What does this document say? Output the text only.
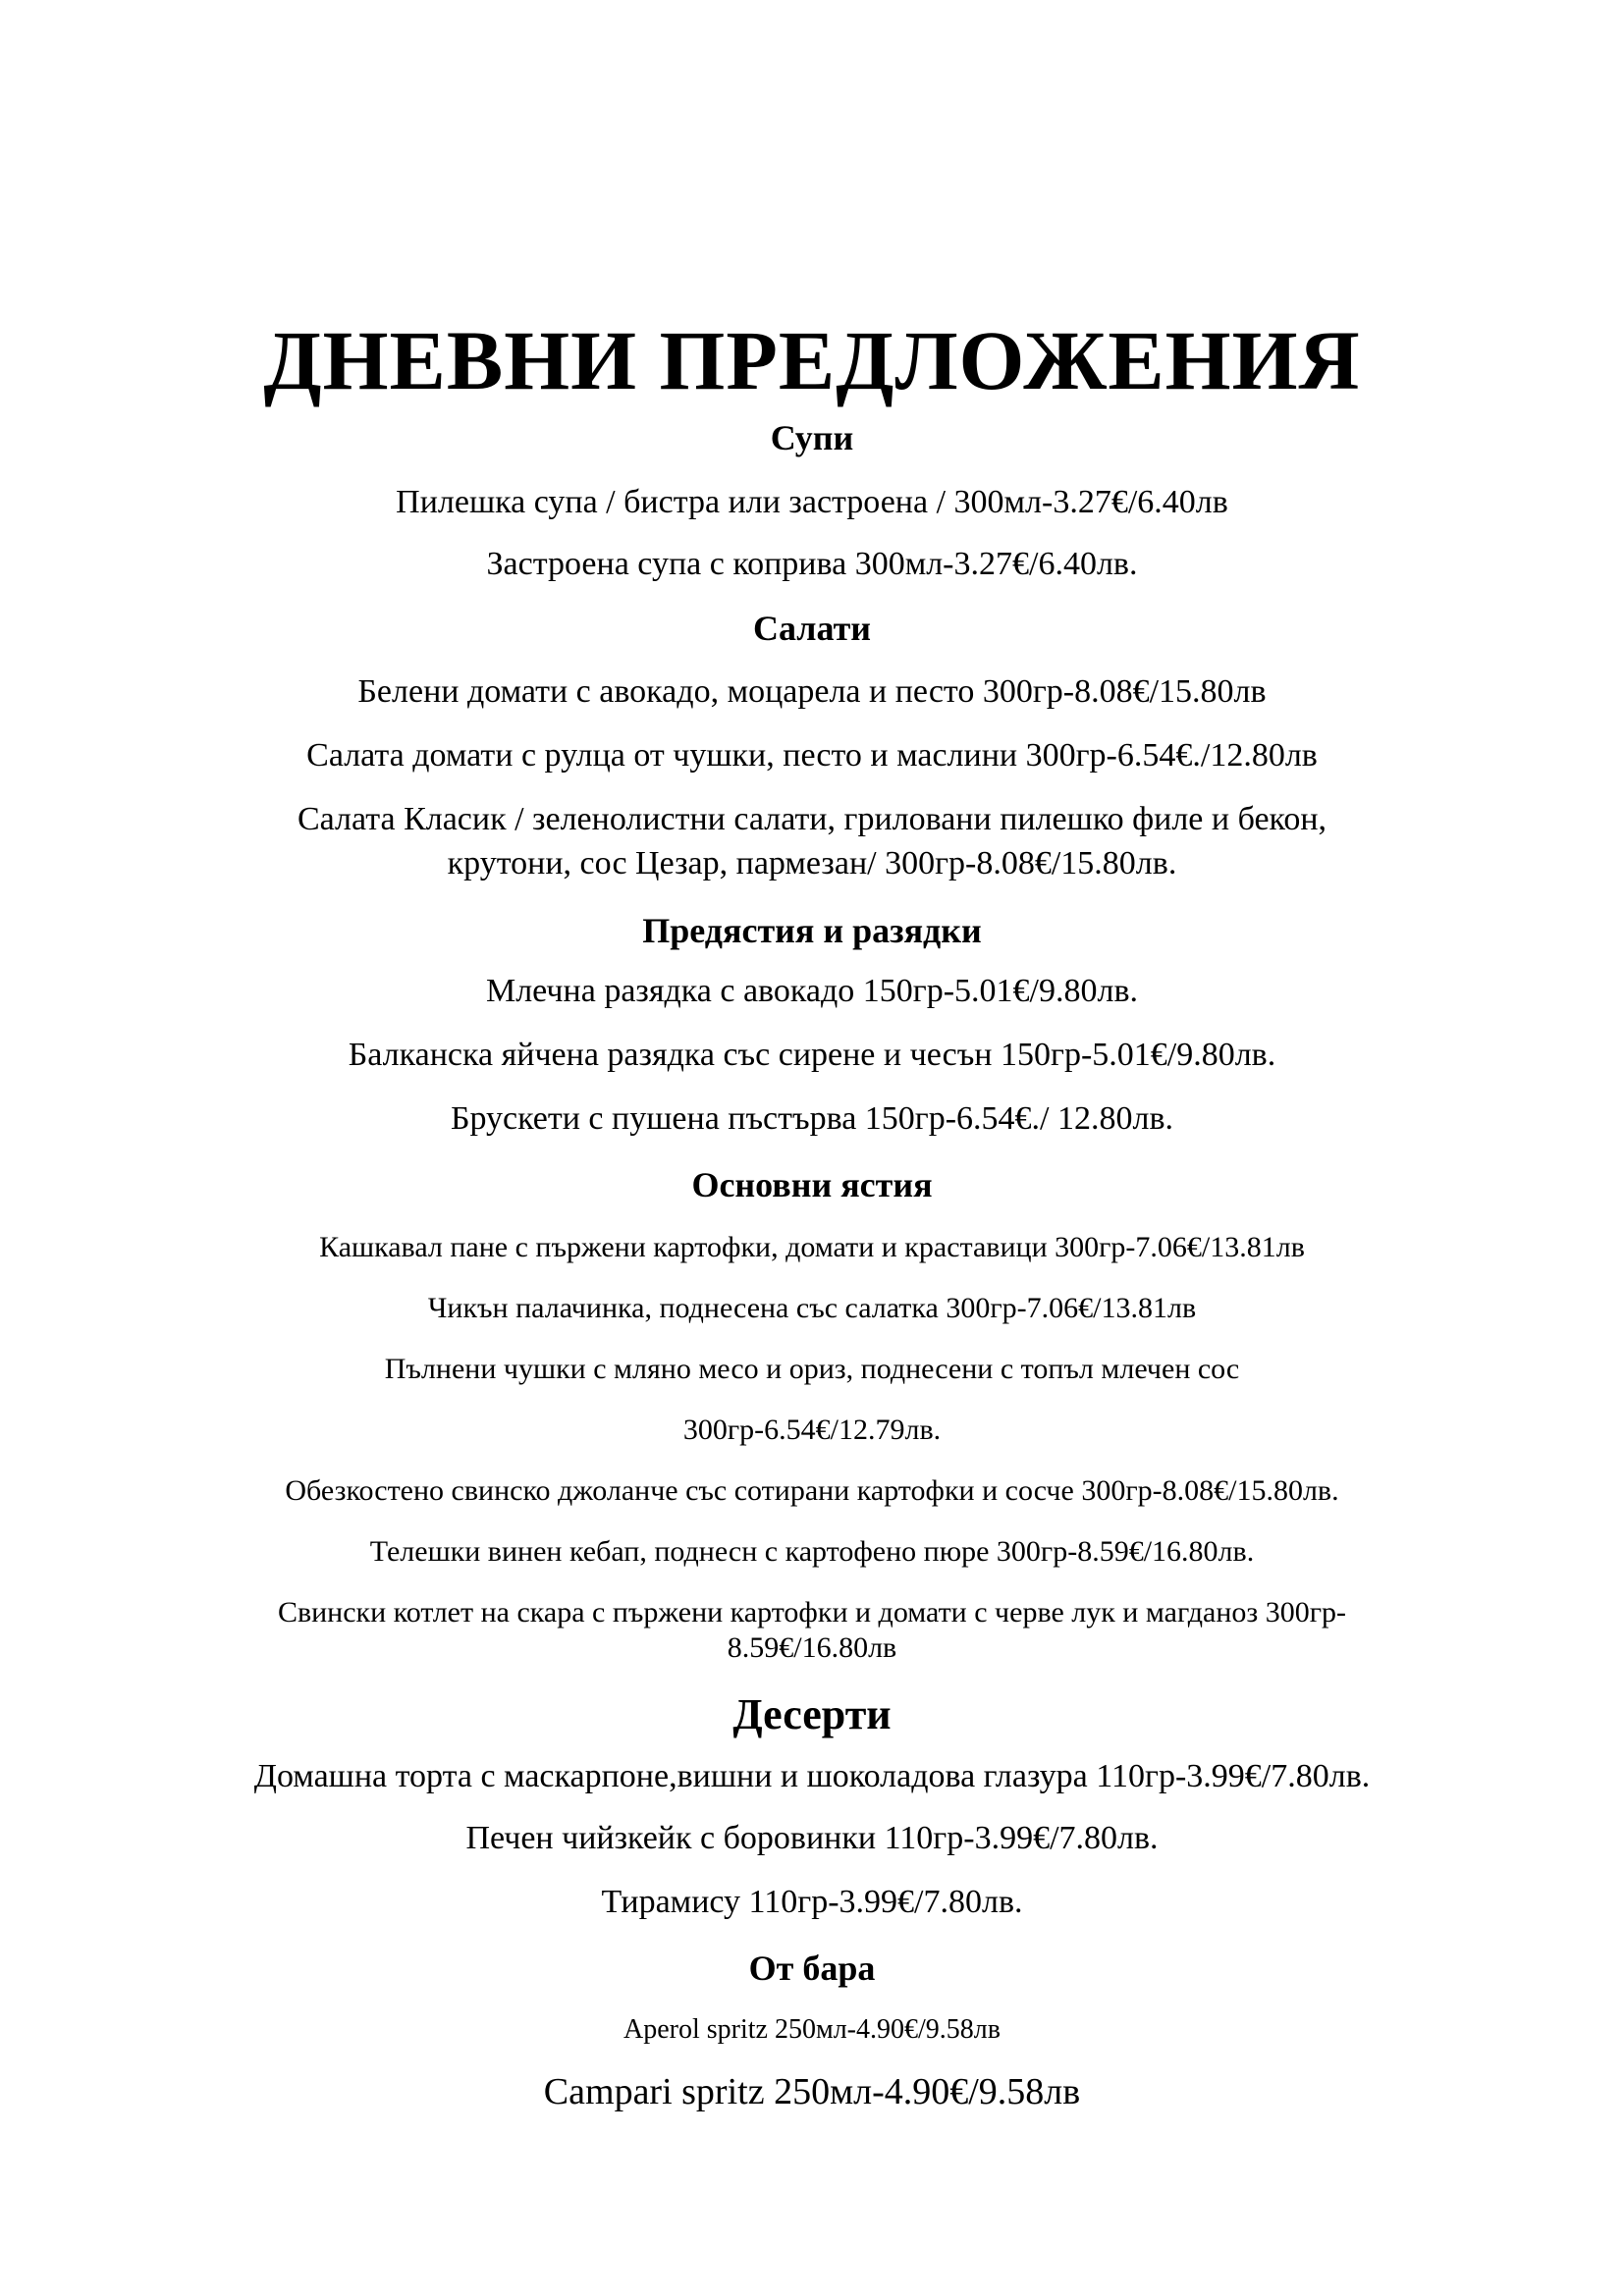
ДНЕВНИ ПРЕДЛОЖЕНИЯ
Супи
Пилешка супа / бистра или застроена / 300мл-3.27€/6.40лв
Застроена супа с коприва 300мл-3.27€/6.40лв.
Салати
Белени домати с авокадо, моцарела и песто 300гр-8.08€/15.80лв
Салата домати с рулца от чушки, песто и маслини 300гр-6.54€./12.80лв
Салата Класик / зеленолистни салати, гриловани пилешко филе и бекон,
крутони, сос Цезар, пармезан/ 300гр-8.08€/15.80лв.
Предястия и разядки
Млечна разядка с авокадо 150гр-5.01€/9.80лв.
Балканска яйчена разядка със сирене и чесън 150гр-5.01€/9.80лв.
Брускети с пушена пъстърва 150гр-6.54€./ 12.80лв.
Основни ястия
Кашкавал пане с пържени картофки, домати и краставици 300гр-7.06€/13.81лв
Чикън палачинка, поднесена със салатка 300гр-7.06€/13.81лв
Пълнени чушки с мляно месо и ориз, поднесени с топъл млечен сос
300гр-6.54€/12.79лв.
Обезкостено свинско джоланче със сотирани картофки и сосче 300гр-8.08€/15.80лв.
Телешки винен кебап, поднесн с картофено пюре 300гр-8.59€/16.80лв.
Свински котлет на скара с пържени картофки и домати с черве лук и магданоз 300гр-
8.59€/16.80лв
Десерти
Домашна торта с маскарпоне,вишни и шоколадова глазура 110гр-3.99€/7.80лв.
Печен чийзкейк с боровинки 110гр-3.99€/7.80лв.
Тирамису 110гр-3.99€/7.80лв.
От бара
Aperol spritz 250мл-4.90€/9.58лв
Campari spritz 250мл-4.90€/9.58лв
